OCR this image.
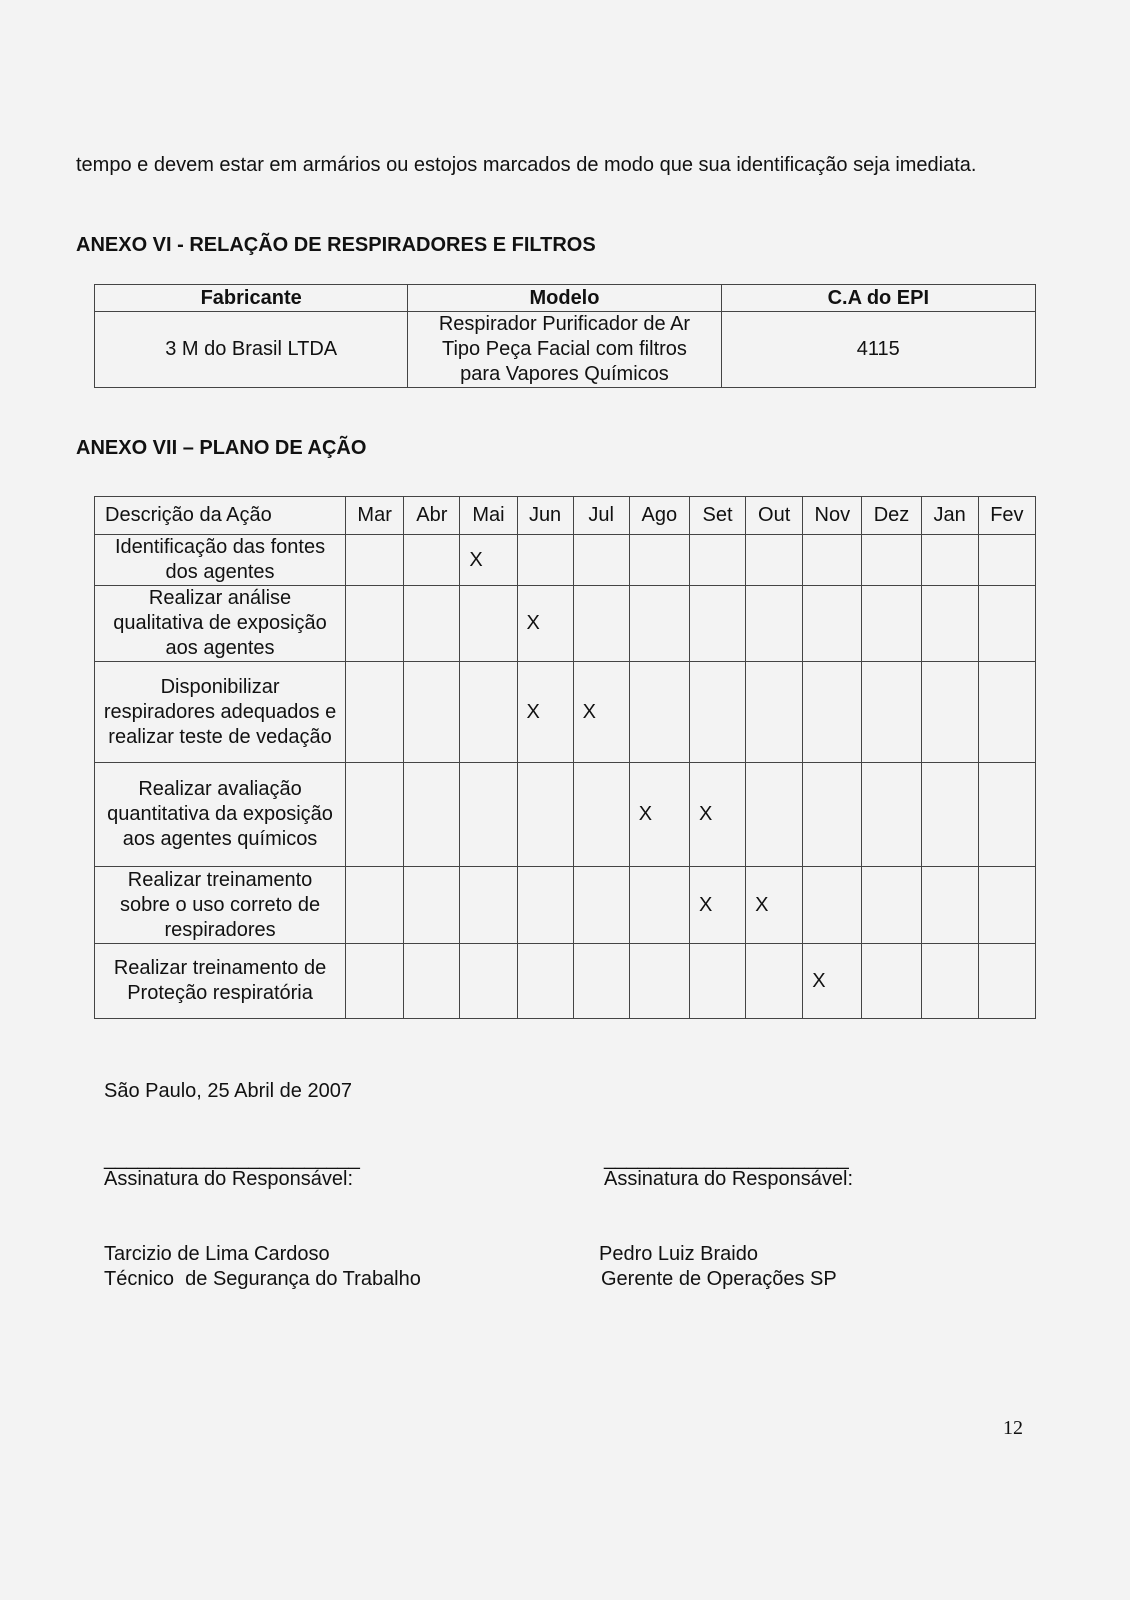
tempo e devem estar em armários ou estojos marcados de modo que sua identificação seja imediata.
ANEXO VI - RELAÇÃO DE RESPIRADORES E FILTROS
Fabricante	Modelo	C.A do EPI
3 M do Brasil LTDA	Respirador Purificador de Ar Tipo Peça Facial com filtros para Vapores Químicos	4115
ANEXO VII – PLANO DE AÇÃO
Descrição da Ação	Mar	Abr	Mai	Jun	Jul	Ago	Set	Out	Nov	Dez	Jan	Fev
Identificação das fontes dos agentes			X									
Realizar análise qualitativa de exposição aos agentes				X								
Disponibilizar respiradores adequados e realizar teste de vedação				X	X							
Realizar avaliação quantitativa da exposição aos agentes químicos						X	X					
Realizar treinamento sobre o uso correto de respiradores							X	X				
Realizar treinamento de Proteção respiratória									X			
São Paulo, 25 Abril de 2007
_______________________
Assinatura do Responsável:
Tarcizio de Lima Cardoso
Técnico  de Segurança do Trabalho
______________________
Assinatura do Responsável:
Pedro Luiz Braido
Gerente de Operações SP
12
